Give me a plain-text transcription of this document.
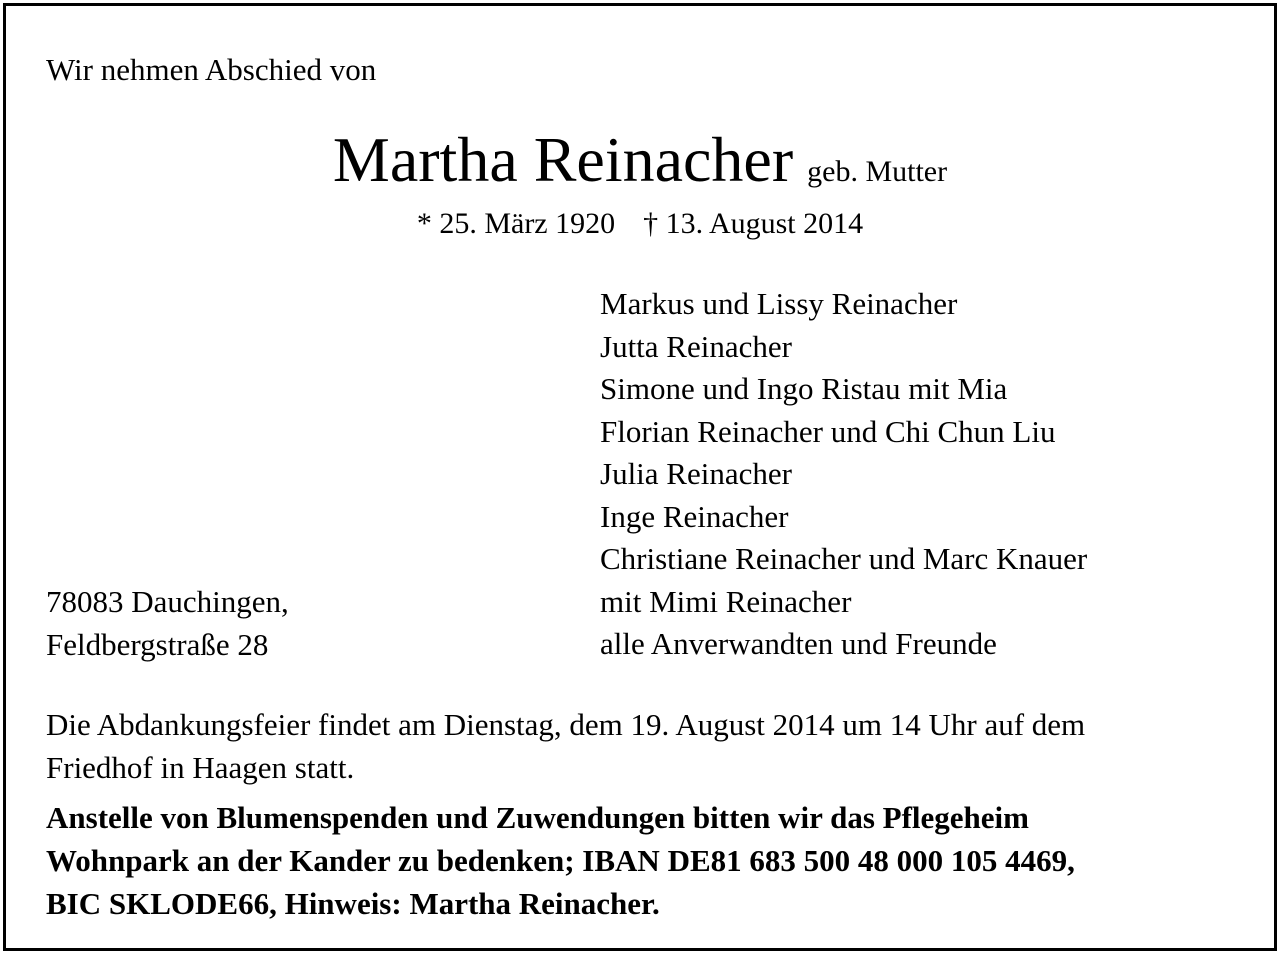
Wir nehmen Abschied von
Martha Reinacher geb. Mutter
* 25. März 1920 † 13. August 2014
Markus und Lissy Reinacher
Jutta Reinacher
Simone und Ingo Ristau mit Mia
Florian Reinacher und Chi Chun Liu
Julia Reinacher
Inge Reinacher
Christiane Reinacher und Marc Knauer
mit Mimi Reinacher
alle Anverwandten und Freunde
78083 Dauchingen,
Feldbergstraße 28
Die Abdankungsfeier findet am Dienstag, dem 19. August 2014 um 14 Uhr auf dem
Friedhof in Haagen statt.
Anstelle von Blumenspenden und Zuwendungen bitten wir das Pflegeheim
Wohnpark an der Kander zu bedenken; IBAN DE81 683 500 48 000 105 4469,
BIC SKLODE66, Hinweis: Martha Reinacher.
